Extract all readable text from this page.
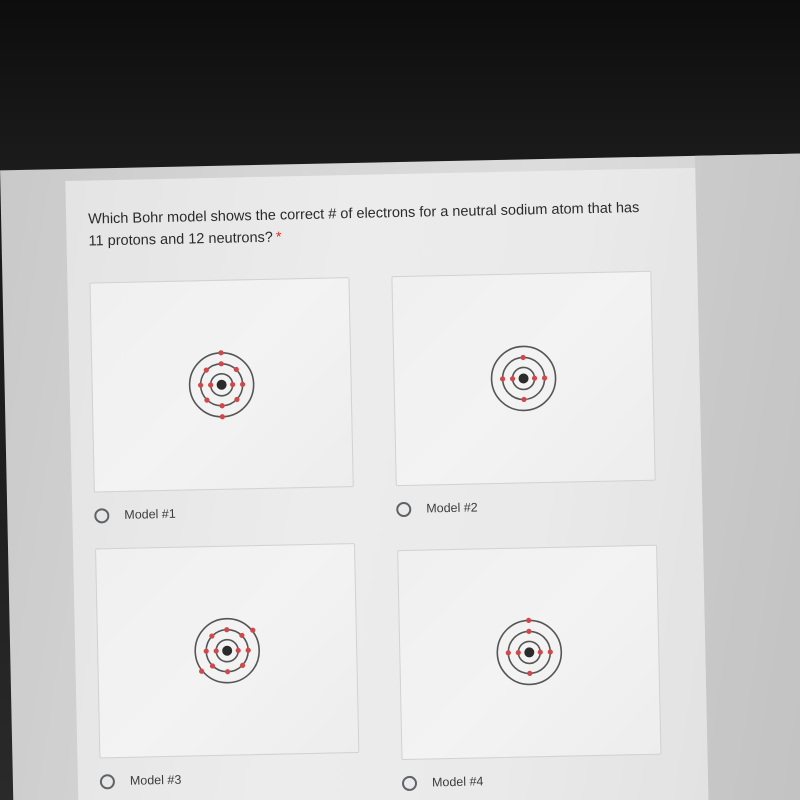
Which Bohr model shows the correct # of electrons for a neutral sodium atom that has 11 protons and 12 neutrons? *
Model #1	Model #2
Model #3	Model #4
